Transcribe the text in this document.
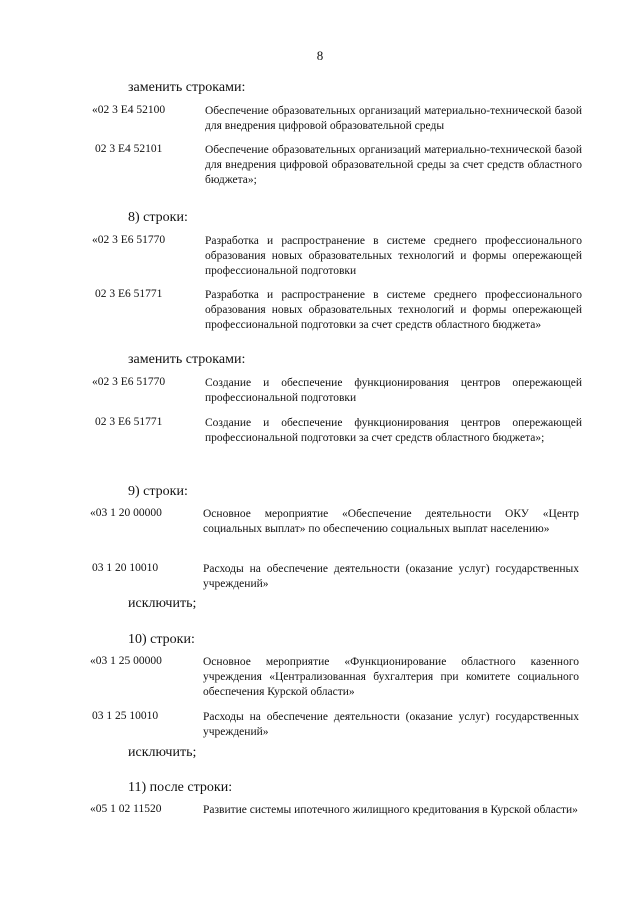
8
заменить строками:
«02 3 Е4 52100	Обеспечение образовательных организаций материально-технической базой для внедрения цифровой образовательной среды
02 3 Е4 52101	Обеспечение образовательных организаций материально-технической базой для внедрения цифровой образовательной среды за счет средств областного бюджета»;
8) строки:
«02 3 Е6 51770	Разработка и распространение в системе среднего профессионального образования новых образовательных технологий и формы опережающей профессиональной подготовки
02 3 Е6 51771	Разработка и распространение в системе среднего профессионального образования новых образовательных технологий и формы опережающей профессиональной подготовки за счет средств областного бюджета»
заменить строками:
«02 3 Е6 51770	Создание и обеспечение функционирования центров опережающей профессиональной подготовки
02 3 Е6 51771	Создание и обеспечение функционирования центров опережающей профессиональной подготовки за счет средств областного бюджета»;
9) строки:
«03 1 20 00000	Основное мероприятие «Обеспечение деятельности ОКУ «Центр социальных выплат» по обеспечению социальных выплат населению»
03 1 20 10010	Расходы на обеспечение деятельности (оказание услуг) государственных учреждений»
исключить;
10) строки:
«03 1 25 00000	Основное мероприятие «Функционирование областного казенного учреждения «Централизованная бухгалтерия при комитете социального обеспечения Курской области»
03 1 25 10010	Расходы на обеспечение деятельности (оказание услуг) государственных учреждений»
исключить;
11) после строки:
«05 1 02 11520	Развитие системы ипотечного жилищного кредитования в Курской области»
